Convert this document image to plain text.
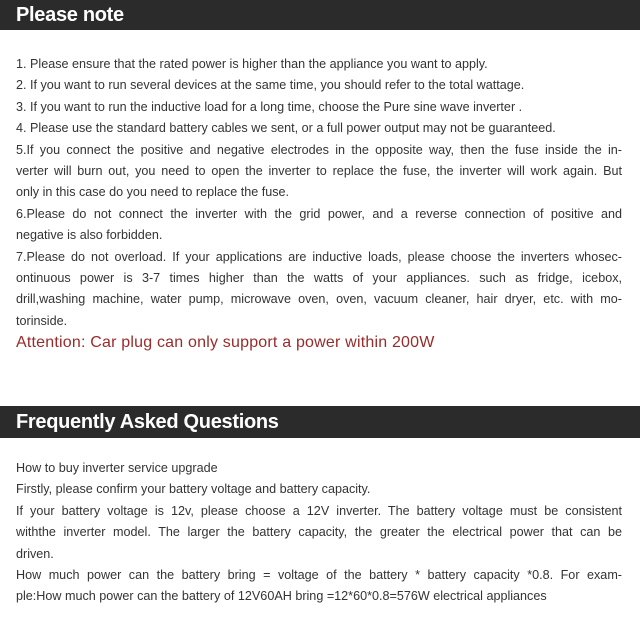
Please note
1. Please ensure that the rated power is higher than the appliance you want to apply.
2. If you want to run several devices at the same time, you should refer to the total wattage.
3. If you want to run the inductive load for a long time, choose the Pure sine wave inverter .
4. Please use the standard battery cables we sent, or a full power output may not be guaranteed.
5.If you connect the positive and negative electrodes in the opposite way, then the fuse inside the in-
verter will burn out, you need to open the inverter to replace the fuse, the inverter will work again. But
only in this case do you need to replace the fuse.
6.Please do not connect the inverter with the grid power, and a reverse connection of positive and
negative is also forbidden.
7.Please do not overload. If your applications are inductive loads, please choose the inverters whosec-
ontinuous power is 3-7 times higher than the watts of your appliances. such as fridge, icebox,
drill,washing machine, water pump, microwave oven, oven, vacuum cleaner, hair dryer, etc. with mo-
torinside.
Attention: Car plug can only support a power within 200W
Frequently Asked Questions
How to buy inverter service upgrade
Firstly, please confirm your battery voltage and battery capacity.
If your battery voltage is 12v, please choose a 12V inverter. The battery voltage must be consistent
withthe inverter model. The larger the battery capacity, the greater the electrical power that can be
driven.
How much power can the battery bring = voltage of the battery * battery capacity *0.8. For exam-
ple:How much power can the battery of 12V60AH bring =12*60*0.8=576W electrical appliances
